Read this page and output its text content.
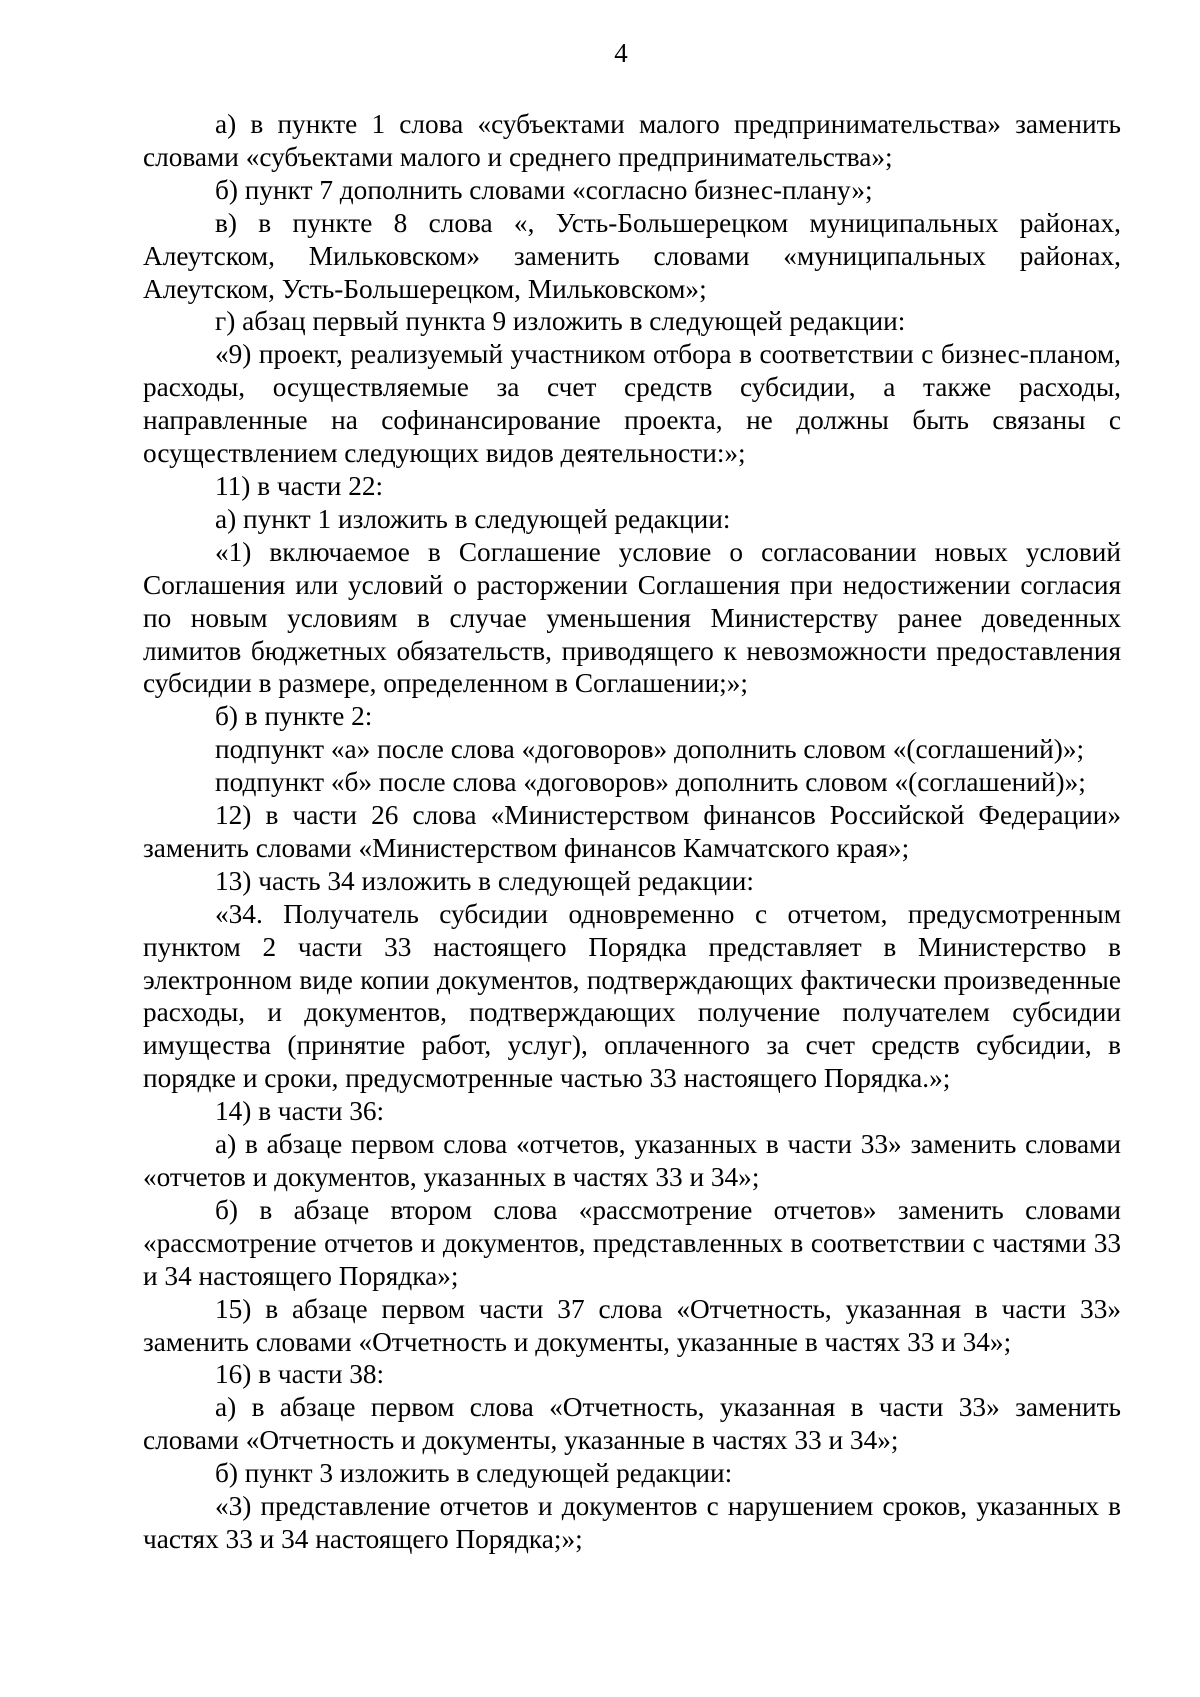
4

а) в пункте 1 слова «субъектами малого предпринимательства» заменить словами «субъектами малого и среднего предпринимательства»;

б) пункт 7 дополнить словами «согласно бизнес-плану»;

в) в пункте 8 слова «, Усть-Большерецком муниципальных районах, Алеутском, Мильковском» заменить словами «муниципальных районах, Алеутском, Усть-Большерецком, Мильковском»;

г) абзац первый пункта 9 изложить в следующей редакции:

«9) проект, реализуемый участником отбора в соответствии с бизнес-планом, расходы, осуществляемые за счет средств субсидии, а также расходы, направленные на софинансирование проекта, не должны быть связаны с осуществлением следующих видов деятельности:»;

11) в части 22:

а) пункт 1 изложить в следующей редакции:

«1) включаемое в Соглашение условие о согласовании новых условий Соглашения или условий о расторжении Соглашения при недостижении согласия по новым условиям в случае уменьшения Министерству ранее доведенных лимитов бюджетных обязательств, приводящего к невозможности предоставления субсидии в размере, определенном в Соглашении;»;

б) в пункте 2:

подпункт «а» после слова «договоров» дополнить словом «(соглашений)»;

подпункт «б» после слова «договоров» дополнить словом «(соглашений)»;

12) в части 26 слова «Министерством финансов Российской Федерации» заменить словами «Министерством финансов Камчатского края»;

13) часть 34 изложить в следующей редакции:

«34. Получатель субсидии одновременно с отчетом, предусмотренным пунктом 2 части 33 настоящего Порядка представляет в Министерство в электронном виде копии документов, подтверждающих фактически произведенные расходы, и документов, подтверждающих получение получателем субсидии имущества (принятие работ, услуг), оплаченного за счет средств субсидии, в порядке и сроки, предусмотренные частью 33 настоящего Порядка.»;

14) в части 36:

а) в абзаце первом слова «отчетов, указанных в части 33» заменить словами «отчетов и документов, указанных в частях 33 и 34»;

б) в абзаце втором слова «рассмотрение отчетов» заменить словами «рассмотрение отчетов и документов, представленных в соответствии с частями 33 и 34 настоящего Порядка»;

15) в абзаце первом части 37 слова «Отчетность, указанная в части 33» заменить словами «Отчетность и документы, указанные в частях 33 и 34»;

16) в части 38:

а) в абзаце первом слова «Отчетность, указанная в части 33» заменить словами «Отчетность и документы, указанные в частях 33 и 34»;

б) пункт 3 изложить в следующей редакции:

«3) представление отчетов и документов с нарушением сроков, указанных в частях 33 и 34 настоящего Порядка;»;
